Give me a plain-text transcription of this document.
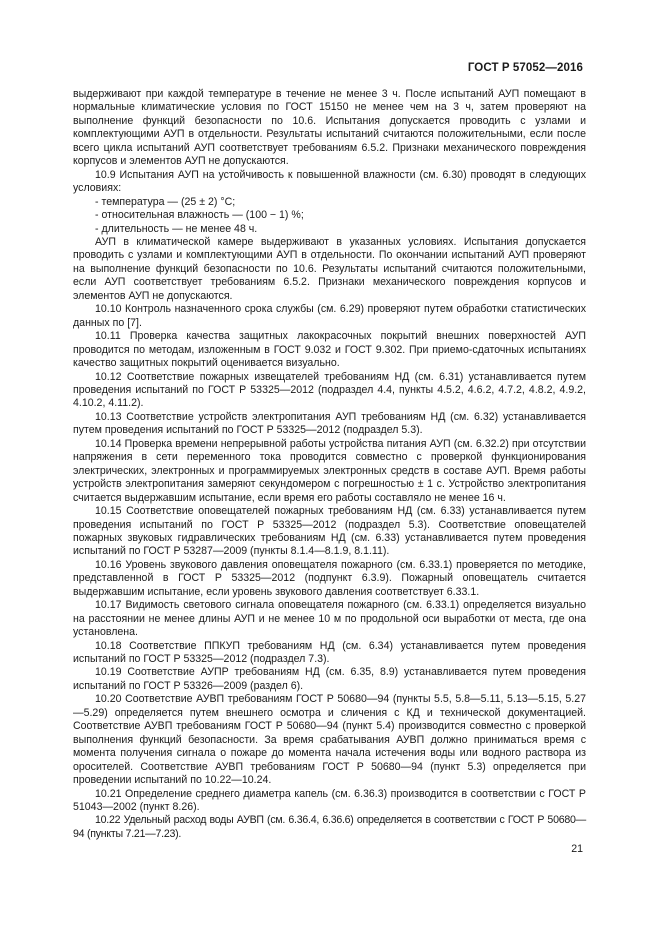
ГОСТ Р 57052—2016

выдерживают при каждой температуре в течение не менее 3 ч. После испытаний АУП помещают в нормальные климатические условия по ГОСТ 15150 не менее чем на 3 ч, затем проверяют на выполнение функций безопасности по 10.6. Испытания допускается проводить с узлами и комплектующими АУП в отдельности. Результаты испытаний считаются положительными, если после всего цикла испытаний АУП соответствует требованиям 6.5.2. Признаки механического повреждения корпусов и элементов АУП не допускаются.

10.9 Испытания АУП на устойчивость к повышенной влажности (см. 6.30) проводят в следующих условиях:

- температура — (25 ± 2) °С;

- относительная влажность — (100 − 1) %;

- длительность — не менее 48 ч.

АУП в климатической камере выдерживают в указанных условиях. Испытания допускается проводить с узлами и комплектующими АУП в отдельности. По окончании испытаний АУП проверяют на выполнение функций безопасности по 10.6. Результаты испытаний считаются положительными, если АУП соответствует требованиям 6.5.2. Признаки механического повреждения корпусов и элементов АУП не допускаются.

10.10 Контроль назначенного срока службы (см. 6.29) проверяют путем обработки статистических данных по [7].

10.11 Проверка качества защитных лакокрасочных покрытий внешних поверхностей АУП проводится по методам, изложенным в ГОСТ 9.032 и ГОСТ 9.302. При приемо-сдаточных испытаниях качество защитных покрытий оценивается визуально.

10.12 Соответствие пожарных извещателей требованиям НД (см. 6.31) устанавливается путем проведения испытаний по ГОСТ Р 53325—2012 (подраздел 4.4, пункты 4.5.2, 4.6.2, 4.7.2, 4.8.2, 4.9.2, 4.10.2, 4.11.2).

10.13 Соответствие устройств электропитания АУП требованиям НД (см. 6.32) устанавливается путем проведения испытаний по ГОСТ Р 53325—2012 (подраздел 5.3).

10.14 Проверка времени непрерывной работы устройства питания АУП (см. 6.32.2) при отсутствии напряжения в сети переменного тока проводится совместно с проверкой функционирования электрических, электронных и программируемых электронных средств в составе АУП. Время работы устройств электропитания замеряют секундомером с погрешностью ± 1 с. Устройство электропитания считается выдержавшим испытание, если время его работы составляло не менее 16 ч.

10.15 Соответствие оповещателей пожарных требованиям НД (см. 6.33) устанавливается путем проведения испытаний по ГОСТ Р 53325—2012 (подраздел 5.3). Соответствие оповещателей пожарных звуковых гидравлических требованиям НД (см. 6.33) устанавливается путем проведения испытаний по ГОСТ Р 53287—2009 (пункты 8.1.4—8.1.9, 8.1.11).

10.16 Уровень звукового давления оповещателя пожарного (см. 6.33.1) проверяется по методике, представленной в ГОСТ Р 53325—2012 (подпункт 6.3.9). Пожарный оповещатель считается выдержавшим испытание, если уровень звукового давления соответствует 6.33.1.

10.17 Видимость светового сигнала оповещателя пожарного (см. 6.33.1) определяется визуально на расстоянии не менее длины АУП и не менее 10 м по продольной оси выработки от места, где она установлена.

10.18 Соответствие ППКУП требованиям НД (см. 6.34) устанавливается путем проведения испытаний по ГОСТ Р 53325—2012 (подраздел 7.3).

10.19 Соответствие АУПР требованиям НД (см. 6.35, 8.9) устанавливается путем проведения испытаний по ГОСТ Р 53326—2009 (раздел 6).

10.20 Соответствие АУВП требованиям ГОСТ Р 50680—94 (пункты 5.5, 5.8—5.11, 5.13—5.15, 5.27—5.29) определяется путем внешнего осмотра и сличения с КД и технической документацией. Соответствие АУВП требованиям ГОСТ Р 50680—94 (пункт 5.4) производится совместно с проверкой выполнения функций безопасности. За время срабатывания АУВП должно приниматься время с момента получения сигнала о пожаре до момента начала истечения воды или водного раствора из оросителей. Соответствие АУВП требованиям ГОСТ Р 50680—94 (пункт 5.3) определяется при проведении испытаний по 10.22—10.24.

10.21 Определение среднего диаметра капель (см. 6.36.3) производится в соответствии с ГОСТ Р 51043—2002 (пункт 8.26).

10.22 Удельный расход воды АУВП (см. 6.36.4, 6.36.6) определяется в соответствии с ГОСТ Р 50680—94 (пункты 7.21—7.23).

21
